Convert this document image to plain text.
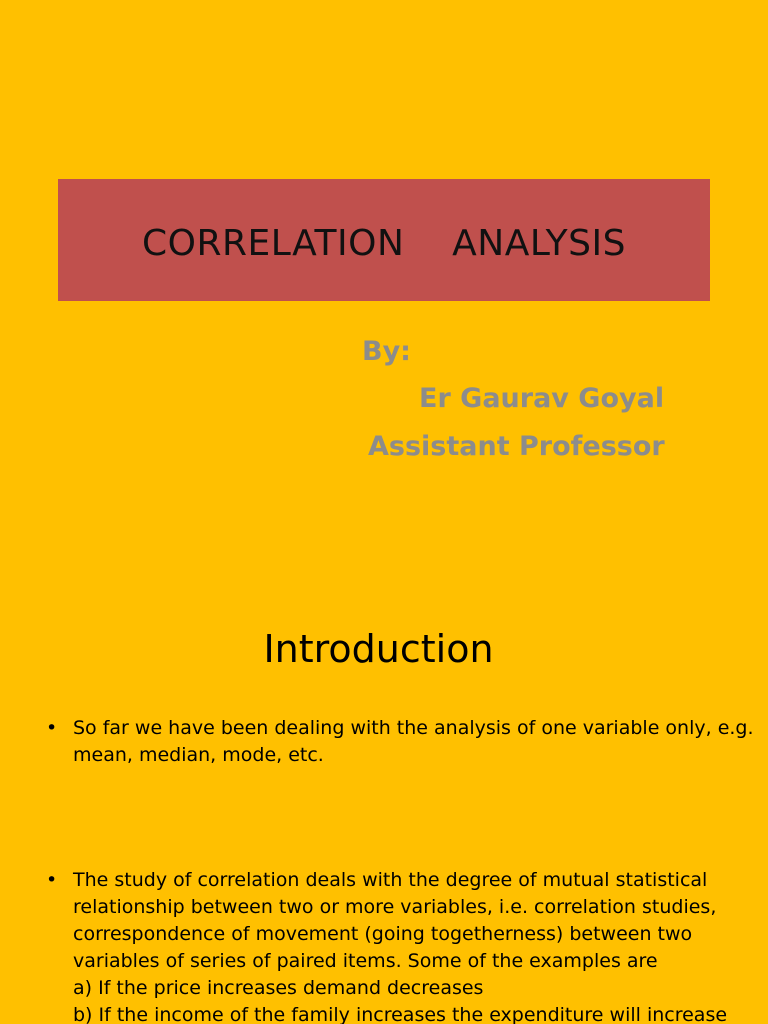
CORRELATION    ANALYSIS
By:
Er Gaurav Goyal
Assistant Professor
Introduction
• So far we have been dealing with the analysis of one variable only, e.g.
mean, median, mode, etc.
• The study of correlation deals with the degree of mutual statistical
relationship between two or more variables, i.e. correlation studies,
correspondence of movement (going togetherness) between two
variables of series of paired items. Some of the examples are
a) If the price increases demand decreases
b) If the income of the family increases the expenditure will increase
